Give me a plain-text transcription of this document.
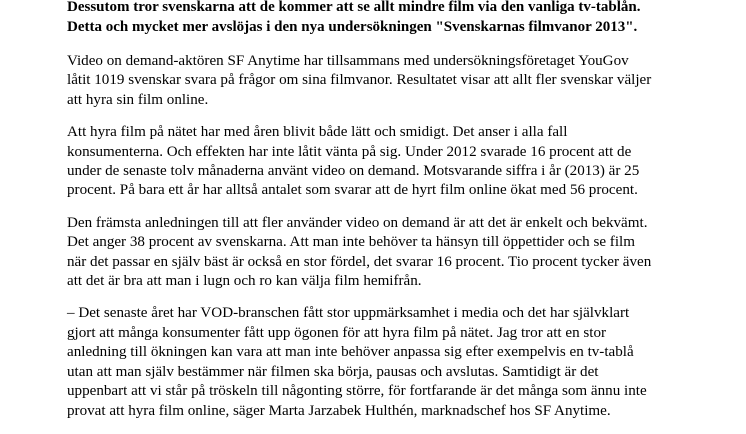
Dessutom tror svenskarna att de kommer att se allt mindre film via den vanliga tv-tablån.
Detta och mycket mer avslöjas i den nya undersökningen "Svenskarnas filmvanor 2013".
Video on demand-aktören SF Anytime har tillsammans med undersökningsföretaget YouGov
låtit 1019 svenskar svara på frågor om sina filmvanor. Resultatet visar att allt fler svenskar väljer
att hyra sin film online.
Att hyra film på nätet har med åren blivit både lätt och smidigt. Det anser i alla fall
konsumenterna. Och effekten har inte låtit vänta på sig. Under 2012 svarade 16 procent att de
under de senaste tolv månaderna använt video on demand. Motsvarande siffra i år (2013) är 25
procent. På bara ett år har alltså antalet som svarar att de hyrt film online ökat med 56 procent.
Den främsta anledningen till att fler använder video on demand är att det är enkelt och bekvämt.
Det anger 38 procent av svenskarna. Att man inte behöver ta hänsyn till öppettider och se film
när det passar en själv bäst är också en stor fördel, det svarar 16 procent. Tio procent tycker även
att det är bra att man i lugn och ro kan välja film hemifrån.
– Det senaste året har VOD-branschen fått stor uppmärksamhet i media och det har självklart
gjort att många konsumenter fått upp ögonen för att hyra film på nätet. Jag tror att en stor
anledning till ökningen kan vara att man inte behöver anpassa sig efter exempelvis en tv-tablå
utan att man själv bestämmer när filmen ska börja, pausas och avslutas. Samtidigt är det
uppenbart att vi står på tröskeln till någonting större, för fortfarande är det många som ännu inte
provat att hyra film online, säger Marta Jarzabek Hulthén, marknadschef hos SF Anytime.
